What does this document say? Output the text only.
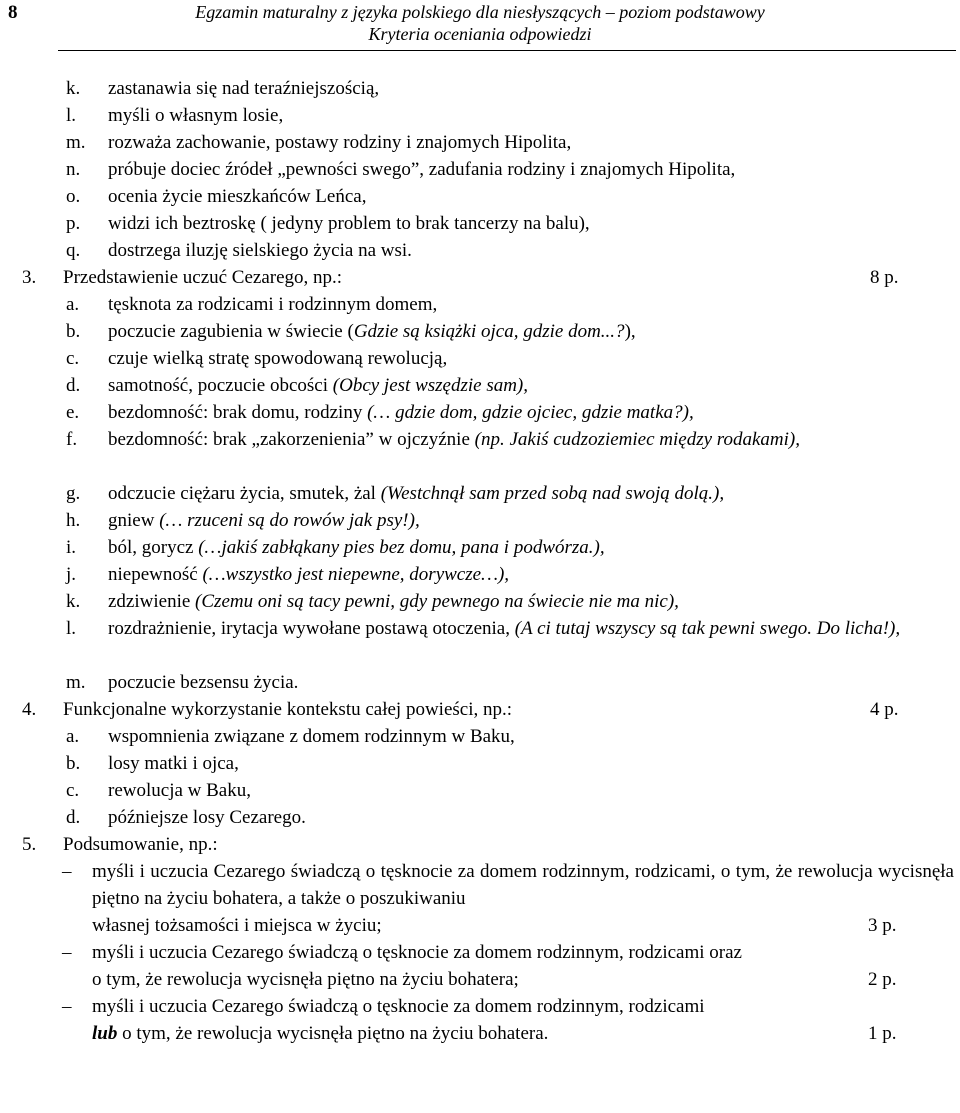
8	Egzamin maturalny z języka polskiego dla niesłyszących – poziom podstawowy
Kryteria oceniania odpowiedzi
k. zastanawia się nad teraźniejszością,
l. myśli o własnym losie,
m. rozważa zachowanie, postawy rodziny i znajomych Hipolita,
n. próbuje dociec źródeł „pewności swego”, zadufania rodziny i znajomych Hipolita,
o. ocenia życie mieszkańców Leńca,
p. widzi ich beztroskę ( jedyny problem to brak tancerzy na balu),
q. dostrzega iluzję sielskiego życia na wsi.
3. Przedstawienie uczuć Cezarego, np.:	8 p.
a. tęsknota za rodzicami i rodzinnym domem,
b. poczucie zagubienia w świecie (Gdzie są książki ojca, gdzie dom...?),
c. czuje wielką stratę spowodowaną rewolucją,
d. samotność, poczucie obcości (Obcy jest wszędzie sam),
e. bezdomność: brak domu, rodziny (… gdzie dom, gdzie ojciec, gdzie matka?),
f. bezdomność: brak „zakorzenienia” w ojczyźnie (np. Jakiś cudzoziemiec między rodakami),
g. odczucie ciężaru życia, smutek, żal (Westchnął sam przed sobą nad swoją dolą.),
h. gniew (… rzuceni są do rowów jak psy!),
i. ból, gorycz (…jakiś zabłąkany pies bez domu, pana i podwórza.),
j. niepewność (…wszystko jest niepewne, dorywcze…),
k. zdziwienie (Czemu oni są tacy pewni, gdy pewnego na świecie nie ma nic),
l. rozdrażnienie, irytacja wywołane postawą otoczenia, (A ci tutaj wszyscy są tak pewni swego. Do licha!),
m. poczucie bezsensu życia.
4. Funkcjonalne wykorzystanie kontekstu całej powieści, np.:	4 p.
a. wspomnienia związane z domem rodzinnym w Baku,
b. losy matki i ojca,
c. rewolucja w Baku,
d. późniejsze losy Cezarego.
5. Podsumowanie, np.:
– myśli i uczucia Cezarego świadczą o tęsknocie za domem rodzinnym, rodzicami, o tym, że rewolucja wycisnęła piętno na życiu bohatera, a także o poszukiwaniu
własnej tożsamości i miejsca w życiu;	3 p.
– myśli i uczucia Cezarego świadczą o tęsknocie za domem rodzinnym, rodzicami oraz
o tym, że rewolucja wycisnęła piętno na życiu bohatera;	2 p.
– myśli i uczucia Cezarego świadczą o tęsknocie za domem rodzinnym, rodzicami
lub o tym, że rewolucja wycisnęła piętno na życiu bohatera.	1 p.
